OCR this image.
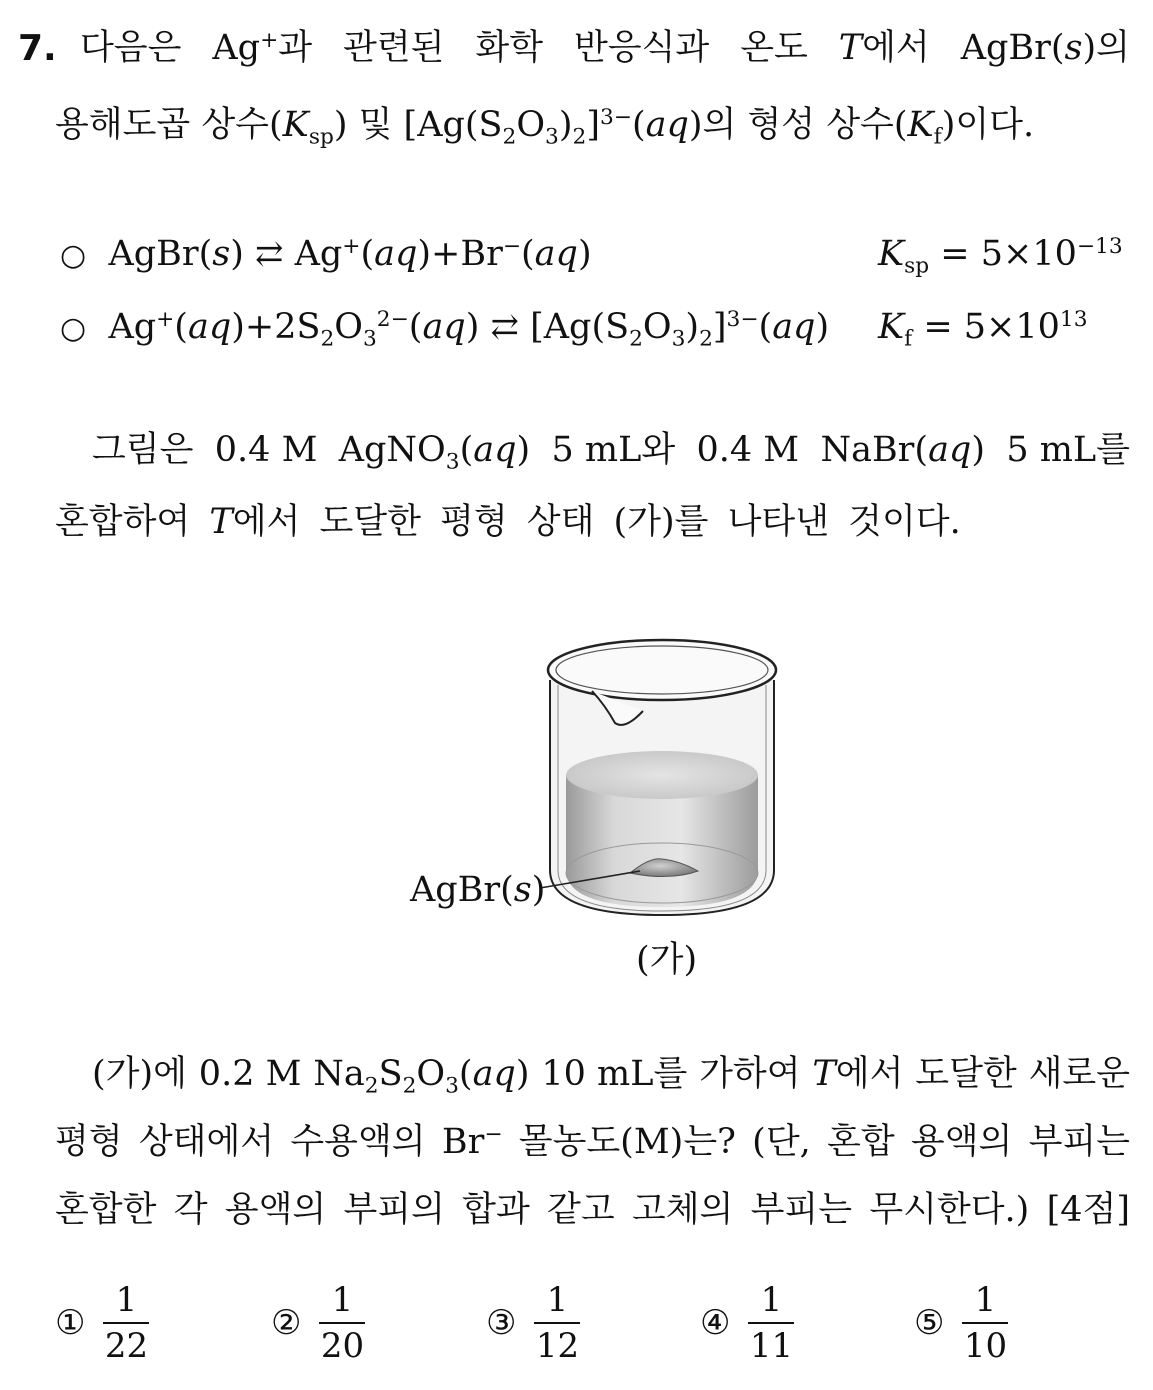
7. 다음은 Ag+과 관련된 화학 반응식과 온도 T에서 AgBr(s)의
용해도곱 상수$(K_{sp})$ 및 $[Ag(S_2O_3)_2]^{3-}(aq)$의 형성 상수$(K_f)$이다.
○  AgBr(s) ⇄ Ag+(aq)+Br−(aq)	$K_{sp} = 5\times 10^{-13}$
○  $Ag^+(aq)+2S_2O_3^{2-}(aq)$ ⇄ $[Ag(S_2O_3)_2]^{3-}(aq) K_f = 5\times 10^{13}$
그림은 0.4 M AgNO$_3$(aq) 5 mL와 0.4 M NaBr(aq) 5 mL를
혼합하여 T에서 도달한 평형 상태 (가)를 나타낸 것이다.
AgBr(s)
(가)
(가)에 0.2 M $Na_2S_2O_3(aq)$ 10 mL를 가하여 T에서 도달한 새로운
평형 상태에서 수용액의 Br− 몰농도(M)는? (단, 혼합 용액의 부피는
혼합한 각 용액의 부피의 합과 같고 고체의 부피는 무시한다.) [4점]
① $\frac{1}{22}$	② $\frac{1}{20}$	③ $\frac{1}{12}$	④ $\frac{1}{11}$	⑤ $\frac{1}{10}$
